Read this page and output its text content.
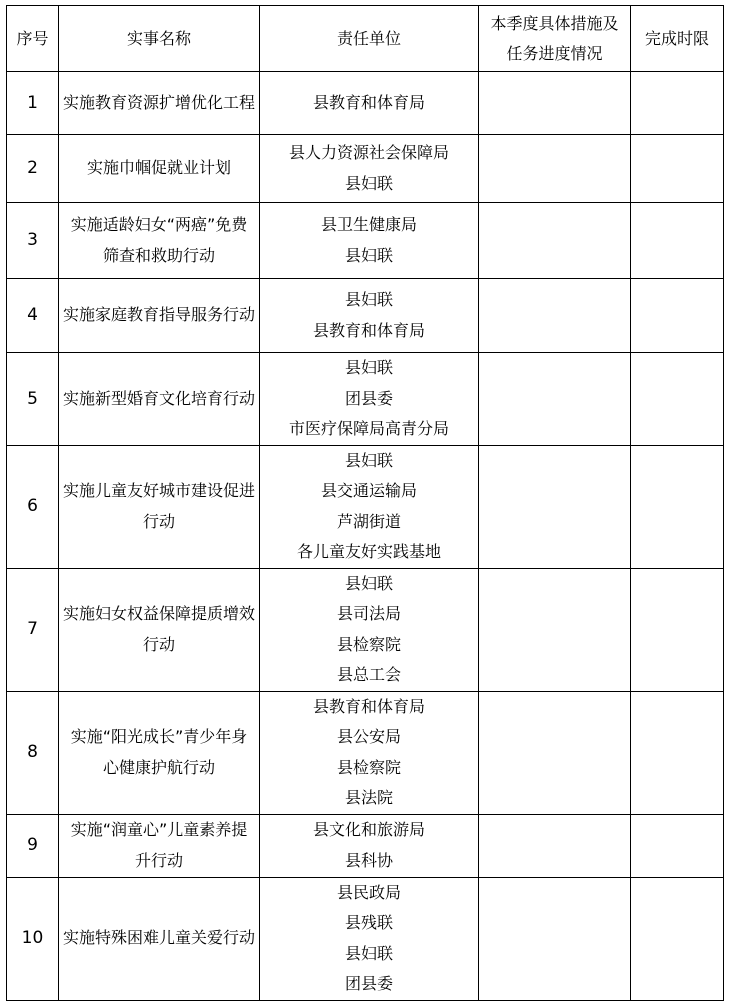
序号	实事名称	责任单位	本季度具体措施及任务进度情况	完成时限
1	实施教育资源扩增优化工程	县教育和体育局		

2	实施巾帼促就业计划	县人力资源社会保障局
县妇联		

3	实施适龄妇女“两癌”免费筛查和救助行动	县卫生健康局
县妇联		

4	实施家庭教育指导服务行动	县妇联
县教育和体育局		

5	实施新型婚育文化培育行动	县妇联
团县委
市医疗保障局高青分局		

6	实施儿童友好城市建设促进行动	县妇联
县交通运输局
芦湖街道
各儿童友好实践基地		

7	实施妇女权益保障提质增效行动	县妇联
县司法局
县检察院
县总工会		

8	实施“阳光成长”青少年身心健康护航行动	县教育和体育局
县公安局
县检察院
县法院		

9	实施“润童心”儿童素养提升行动	县文化和旅游局
县科协		

10	实施特殊困难儿童关爱行动	县民政局
县残联
县妇联
团县委		
